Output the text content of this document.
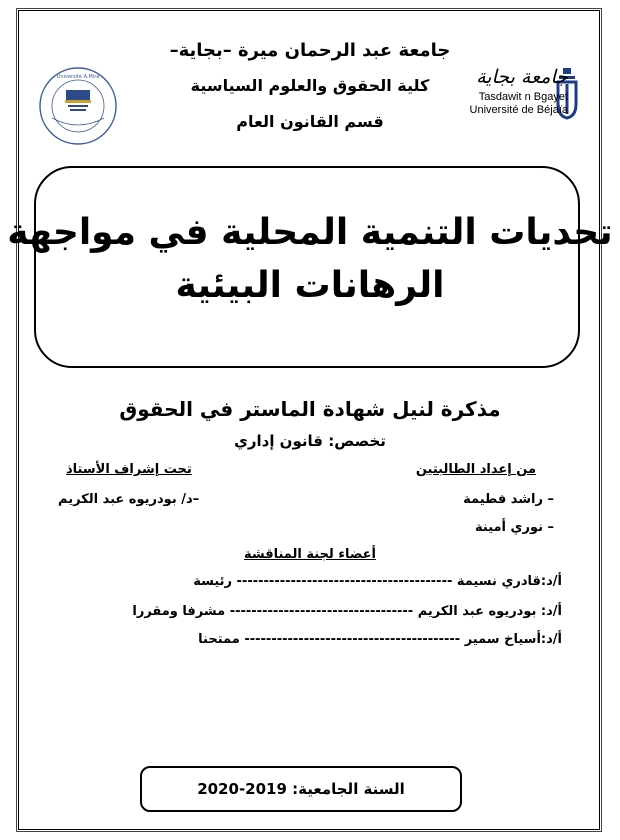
Université A.Mira	جامعة بجاية
Tasdawit n Bgayet
Université de Béjaïa
جامعة عبد الرحمان ميرة –بجاية–
كلية الحقوق والعلوم السياسية
قسم القانون العام
تحديات التنمية المحلية في مواجهة
الرهانات البيئية
مذكرة لنيل شهادة الماستر في الحقوق
تخصص: قانون إداري
من إعداد الطالبتين
تحت إشراف الأستاذ
– راشد فطيمة
– نوري أمينة
–د/ بودريوه عبد الكريم
أعضاء لجنة المناقشة
أ/د:قادري نسيمة ---------------------------------------- رئيسة
أ/د: بودريوه عبد الكريم ---------------------------------- مشرفا ومقررا
أ/د:أسياخ سمير ---------------------------------------- ممتحنا
السنة الجامعية: 2019-2020
